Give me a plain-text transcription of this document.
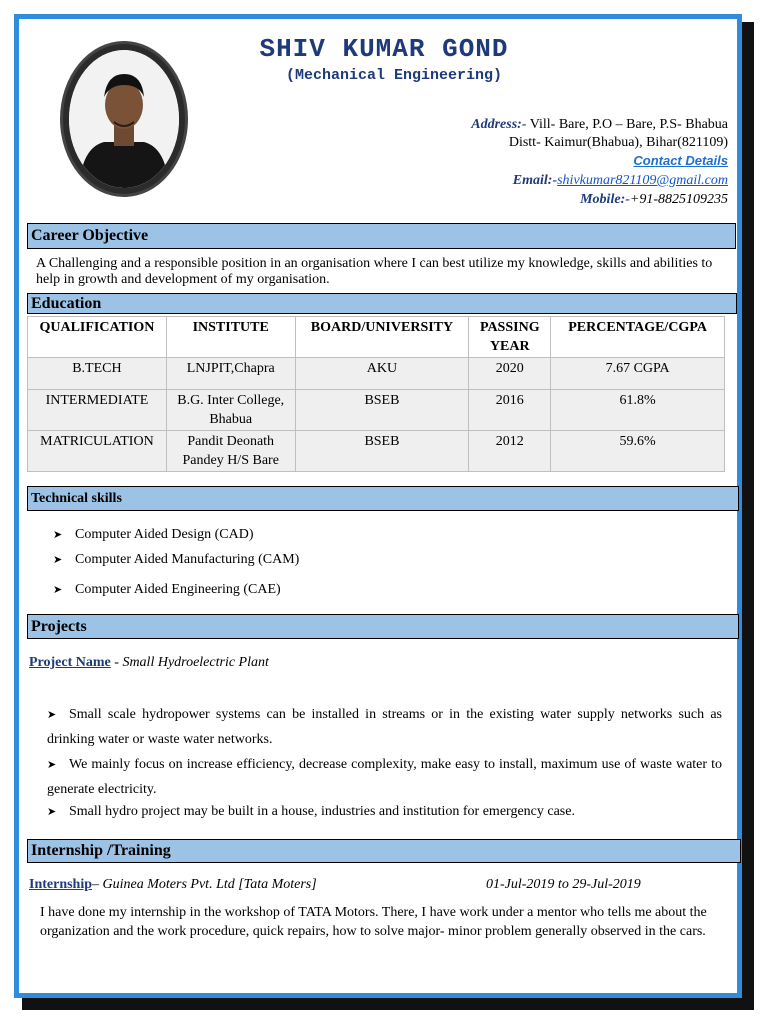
SHIV KUMAR GOND
(Mechanical Engineering)
Address:- Vill- Bare, P.O – Bare, P.S- Bhabua
Distt- Kaimur(Bhabua), Bihar(821109)
Contact Details
Email:-shivkumar821109@gmail.com
Mobile:-+91-8825109235
Career Objective
A Challenging and a responsible position in an organisation where I can best utilize my knowledge, skills and abilities to help in growth and development of my organisation.
Education
QUALIFICATION	INSTITUTE	BOARD/UNIVERSITY	PASSING YEAR	PERCENTAGE/CGPA
B.TECH	LNJPIT,Chapra	AKU	2020	7.67 CGPA
INTERMEDIATE	B.G. Inter College, Bhabua	BSEB	2016	61.8%
MATRICULATION	Pandit Deonath Pandey H/S Bare	BSEB	2012	59.6%
Technical skills
➤ Computer Aided Design (CAD)
➤ Computer Aided Manufacturing (CAM)
➤ Computer Aided Engineering (CAE)
Projects
Project Name - Small Hydroelectric Plant
➤ Small scale hydropower systems can be installed in streams or in the existing water supply networks such as drinking water or waste water networks.
➤ We mainly focus on increase efficiency, decrease complexity, make easy to install, maximum use of waste water to generate electricity.
➤ Small hydro project may be built in a house, industries and institution for emergency case.
Internship /Training
Internship– Guinea Moters Pvt. Ltd [Tata Moters]	01-Jul-2019 to 29-Jul-2019
I have done my internship in the workshop of TATA Motors. There, I have work under a mentor who tells me about the organization and the work procedure, quick repairs, how to solve major- minor problem generally observed in the cars.
